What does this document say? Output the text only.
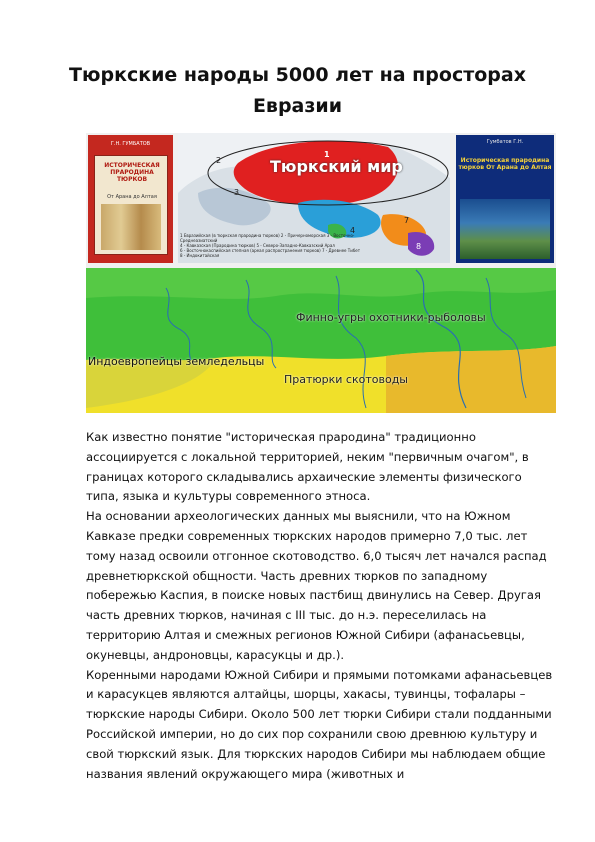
Тюркские народы 5000 лет на просторах Евразии
Г.Н. ГУМБАТОВ
ИСТОРИЧЕСКАЯ ПРАРОДИНА ТЮРКОВ
От Арана до Алтая
1
2
3
4
7
8
Тюркский мир
1 Евразийская (в тюркская прародина тюрков) 2 - Причерноморская 3 - Восточно-Среднеазиатский
4 - Кавказская (Прародина тюрков) 5 - Северо-Западно-Кавказский Арал
6 - Восточнокаспийская степная (ареал распространения тюрков) 7 - Древнее Тибет
8 - Индокитайская
Гумбатов Г.Н.
Историческая прародина тюрков От Арана до Алтая
Финно-угры охотники-рыболовы
Индоевропейцы земледельцы
Пратюрки скотоводы

Как известно понятие "историческая прародина" традиционно ассоциируется с локальной территорией, неким "первичным очагом", в границах которого складывались архаические элементы физического типа, языка и культуры современного этноса.

На основании археологических данных мы выяснили, что на Южном Кавказе предки современных тюркских народов примерно 7,0 тыс. лет тому назад освоили отгонное скотоводство. 6,0 тысяч лет начался распад древнетюркской общности. Часть древних тюрков по западному побережью Каспия, в поиске новых пастбищ двинулись на Север. Другая часть древних тюрков, начиная с III тыс. до н.э. переселилась на территорию Алтая и смежных регионов Южной Сибири (афанасьевцы, окуневцы, андроновцы, карасукцы и др.).

Коренными народами Южной Сибири и прямыми потомками афанасьевцев и карасукцев являются алтайцы, шорцы, хакасы, тувинцы, тофалары – тюркские народы Сибири. Около 500 лет тюрки Сибири стали подданными Российской империи, но до сих пор сохранили свою древнюю культуру и свой тюркский язык. Для тюркских народов Сибири мы наблюдаем общие названия явлений окружающего мира (животных и
